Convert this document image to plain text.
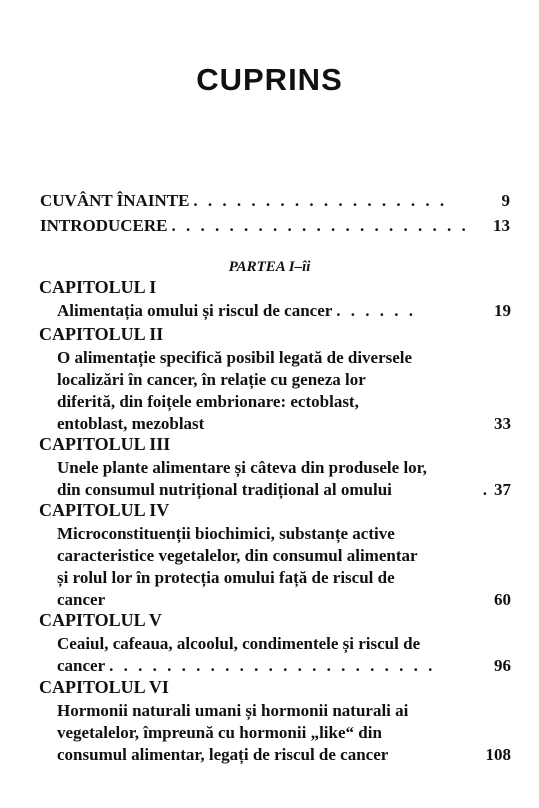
CUPRINS
CUVÂNT ÎNAINTE . . . . . . . . . . . . . . . . . .	9
INTRODUCERE . . . . . . . . . . . . . . . . . . . . .	13
PARTEA I–îi
CAPITOLUL I
Alimentația omului și riscul de cancer . . . . . .	19
CAPITOLUL II
O alimentație specifică posibil legată de diversele
localizări în cancer, în relație cu geneza lor
diferită, din foițele embrionare: ectoblast,
entoblast, mezoblast	33
CAPITOLUL III
Unele plante alimentare și câteva din produsele lor,
din consumul nutrițional tradițional al omului	. 37
CAPITOLUL IV
Microconstituenții biochimici, substanțe active
caracteristice vegetalelor, din consumul alimentar
și rolul lor în protecția omului față de riscul de
cancer	60
CAPITOLUL V
Ceaiul, cafeaua, alcoolul, condimentele și riscul de
cancer . . . . . . . . . . . . . . . . . . . . . . .	96
CAPITOLUL VI
Hormonii naturali umani și hormonii naturali ai
vegetalelor, împreună cu hormonii „like“ din
consumul alimentar, legați de riscul de cancer	108
